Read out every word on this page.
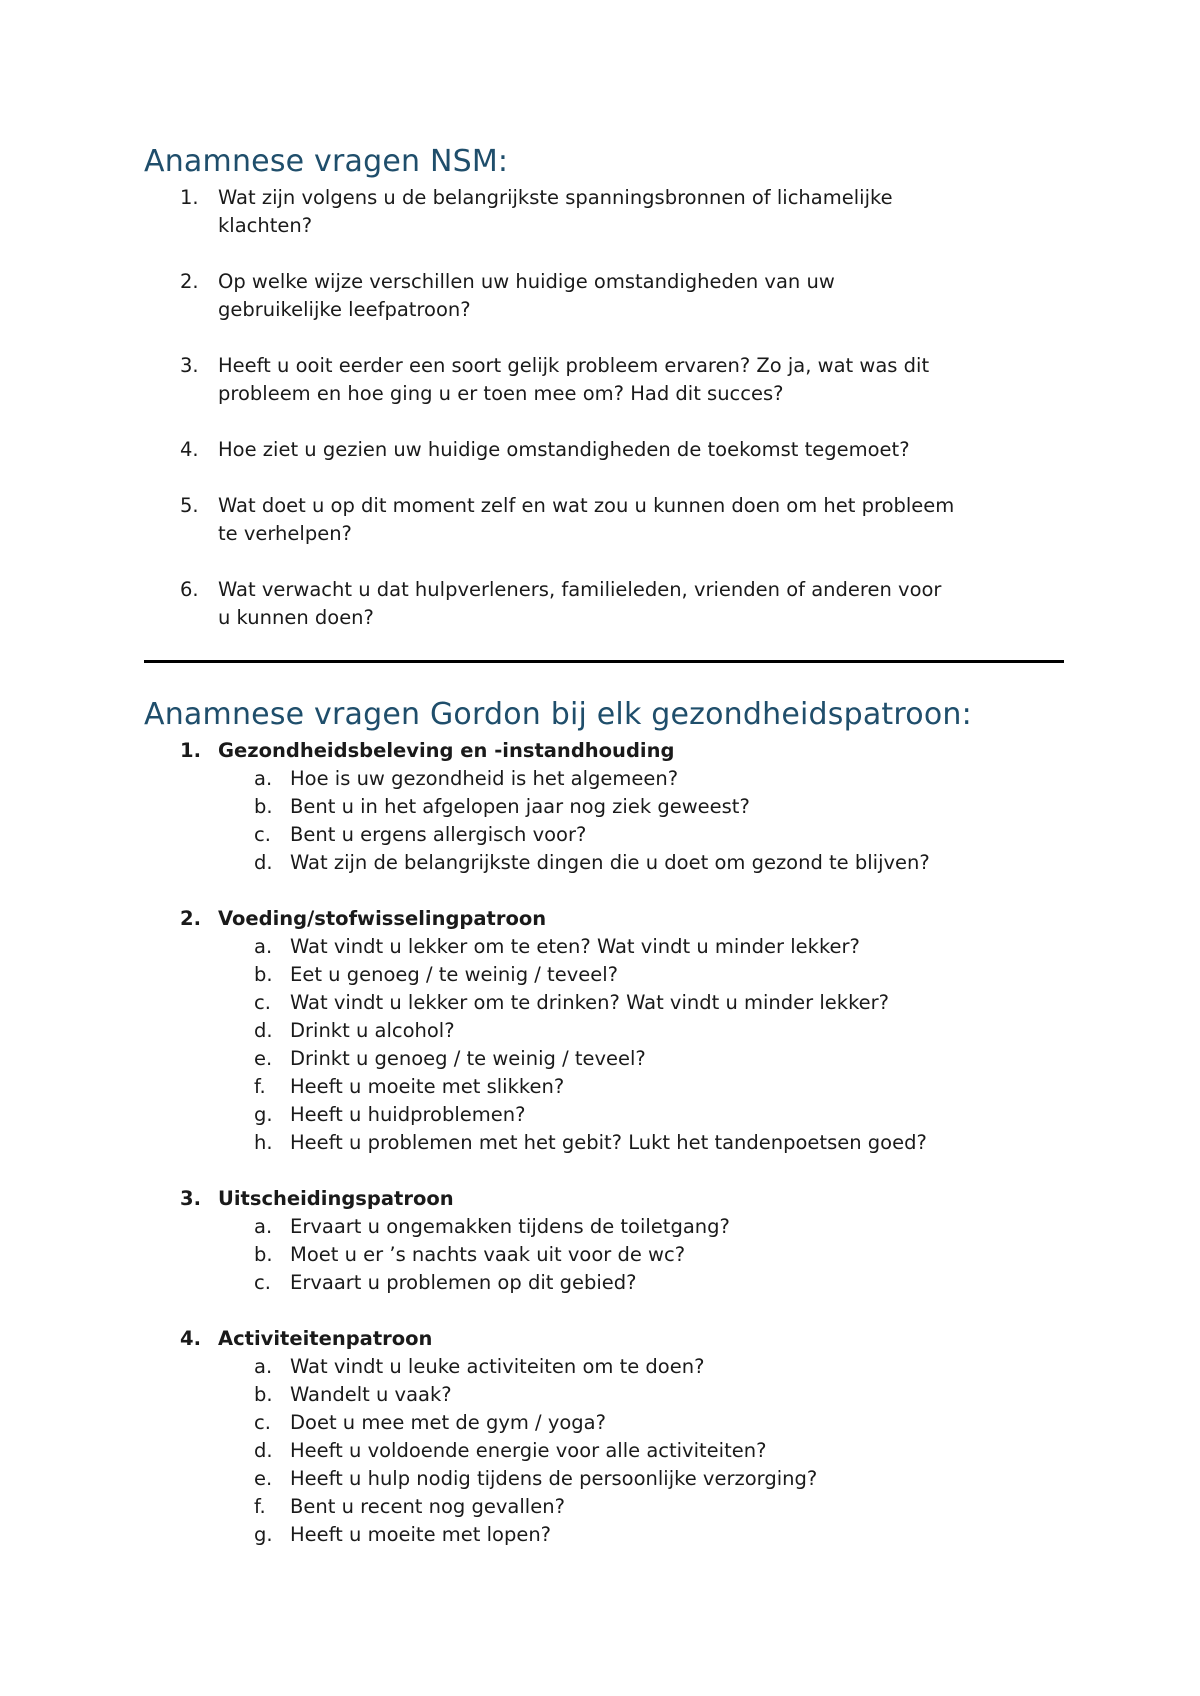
Anamnese vragen NSM:
1. Wat zijn volgens u de belangrijkste spanningsbronnen of lichamelijke
klachten?
2. Op welke wijze verschillen uw huidige omstandigheden van uw
gebruikelijke leefpatroon?
3. Heeft u ooit eerder een soort gelijk probleem ervaren? Zo ja, wat was dit
probleem en hoe ging u er toen mee om? Had dit succes?
4. Hoe ziet u gezien uw huidige omstandigheden de toekomst tegemoet?
5. Wat doet u op dit moment zelf en wat zou u kunnen doen om het probleem
te verhelpen?
6. Wat verwacht u dat hulpverleners, familieleden, vrienden of anderen voor
u kunnen doen?
Anamnese vragen Gordon bij elk gezondheidspatroon:
1. Gezondheidsbeleving en -instandhouding
a. Hoe is uw gezondheid is het algemeen?
b. Bent u in het afgelopen jaar nog ziek geweest?
c. Bent u ergens allergisch voor?
d. Wat zijn de belangrijkste dingen die u doet om gezond te blijven?
2. Voeding/stofwisselingpatroon
a. Wat vindt u lekker om te eten? Wat vindt u minder lekker?
b. Eet u genoeg / te weinig / teveel?
c. Wat vindt u lekker om te drinken? Wat vindt u minder lekker?
d. Drinkt u alcohol?
e. Drinkt u genoeg / te weinig / teveel?
f. Heeft u moeite met slikken?
g. Heeft u huidproblemen?
h. Heeft u problemen met het gebit? Lukt het tandenpoetsen goed?
3. Uitscheidingspatroon
a. Ervaart u ongemakken tijdens de toiletgang?
b. Moet u er ’s nachts vaak uit voor de wc?
c. Ervaart u problemen op dit gebied?
4. Activiteitenpatroon
a. Wat vindt u leuke activiteiten om te doen?
b. Wandelt u vaak?
c. Doet u mee met de gym / yoga?
d. Heeft u voldoende energie voor alle activiteiten?
e. Heeft u hulp nodig tijdens de persoonlijke verzorging?
f. Bent u recent nog gevallen?
g. Heeft u moeite met lopen?
